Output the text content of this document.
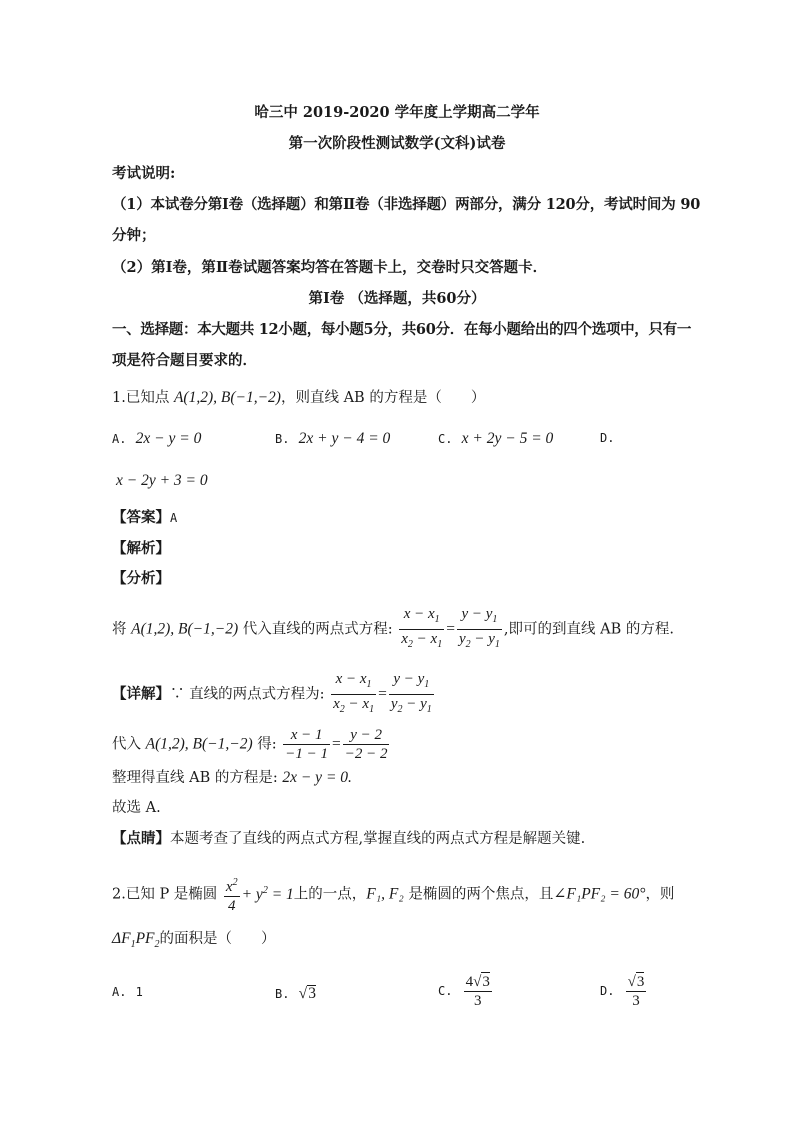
哈三中 2019-2020 学年度上学期高二学年
第一次阶段性测试数学(文科)试卷
考试说明:
（1）本试卷分第Ⅰ卷（选择题）和第Ⅱ卷（非选择题）两部分，满分 120分，考试时间为 90
分钟；
（2）第Ⅰ卷，第Ⅱ卷试题答案均答在答题卡上，交卷时只交答题卡．
第Ⅰ卷 （选择题，共60分）
一、选择题：本大题共 12小题，每小题5分，共60分．在每小题给出的四个选项中，只有一
项是符合题目要求的．
1.已知点 A(1,2), B(−1,−2)，则直线 AB 的方程是（　　）
A. 2x − y = 0	B. 2x + y − 4 = 0	C. x + 2y − 5 = 0	D.
x − 2y + 3 = 0
【答案】A
【解析】
【分析】
将 A(1,2), B(−1,−2) 代入直线的两点式方程: $\frac{x - x_1}{x_2 - x_1} = \frac{y - y_1}{y_2 - y_1}$ ,即可的到直线 AB 的方程.
【详解】∵ 直线的两点式方程为: $\frac{x - x_1}{x_2 - x_1} = \frac{y - y_1}{y_2 - y_1}$
代入 A(1,2), B(−1,−2) 得: $\frac{x - 1}{-1 - 1} = \frac{y - 2}{-2 - 2}$
整理得直线 AB 的方程是: 2x − y = 0.
故选 A.
【点睛】本题考查了直线的两点式方程,掌握直线的两点式方程是解题关键.
2.已知 P 是椭圆 $\frac{x^2}{4} + y^2 = 1$上的一点，F₁, F₂ 是椭圆的两个焦点，且∠F₁PF₂ = 60°，则
$\Delta F_1PF_2$的面积是（　　）
A. 1	B. √3	C. $\frac{4√3}{3}$	D. $\frac{√3}{3}$
